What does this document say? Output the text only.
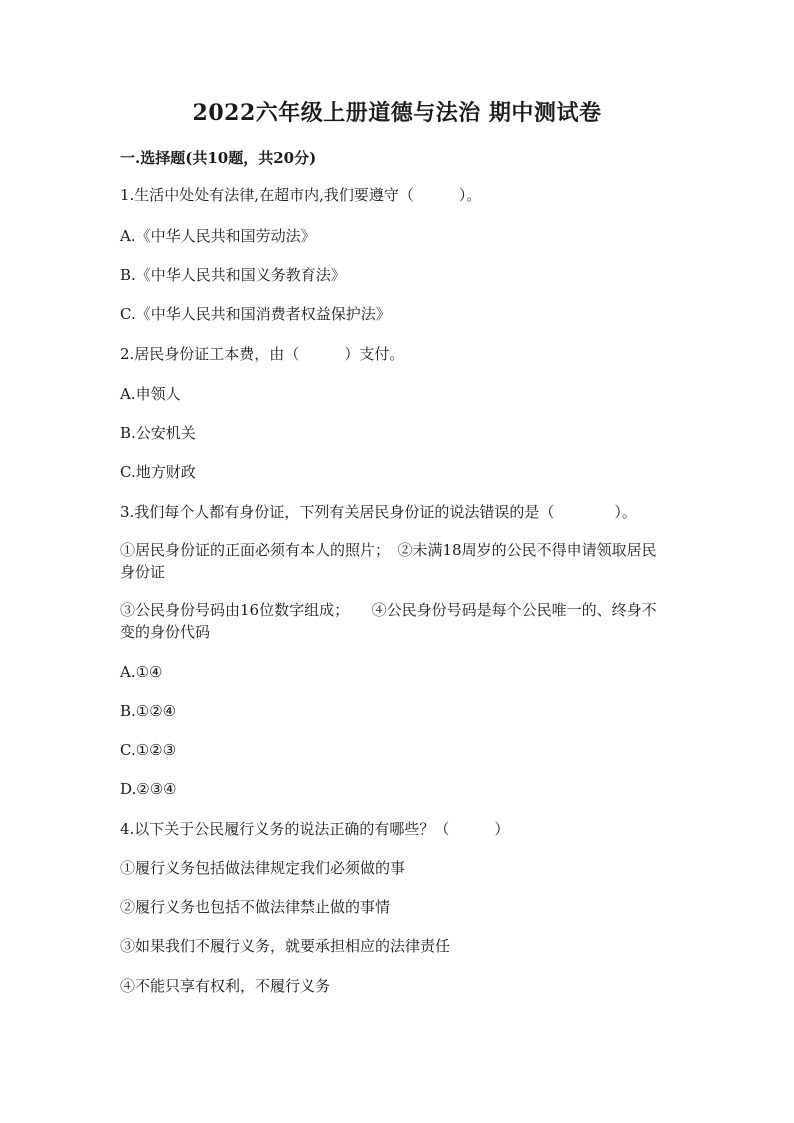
2022六年级上册道德与法治 期中测试卷

一.选择题(共10题，共20分)

1.生活中处处有法律,在超市内,我们要遵守（　　　）。

A.《中华人民共和国劳动法》

B.《中华人民共和国义务教育法》

C.《中华人民共和国消费者权益保护法》

2.居民身份证工本费，由（　　　）支付。

A.申领人

B.公安机关

C.地方财政

3.我们每个人都有身份证，下列有关居民身份证的说法错误的是（　　　　）。

①居民身份证的正面必须有本人的照片；　②未满18周岁的公民不得申请领取居民身份证

③公民身份号码由16位数字组成；　　④公民身份号码是每个公民唯一的、终身不变的身份代码

A.①④

B.①②④

C.①②③

D.②③④

4.以下关于公民履行义务的说法正确的有哪些？（　　　）

①履行义务包括做法律规定我们必须做的事

②履行义务也包括不做法律禁止做的事情

③如果我们不履行义务，就要承担相应的法律责任

④不能只享有权利，不履行义务
